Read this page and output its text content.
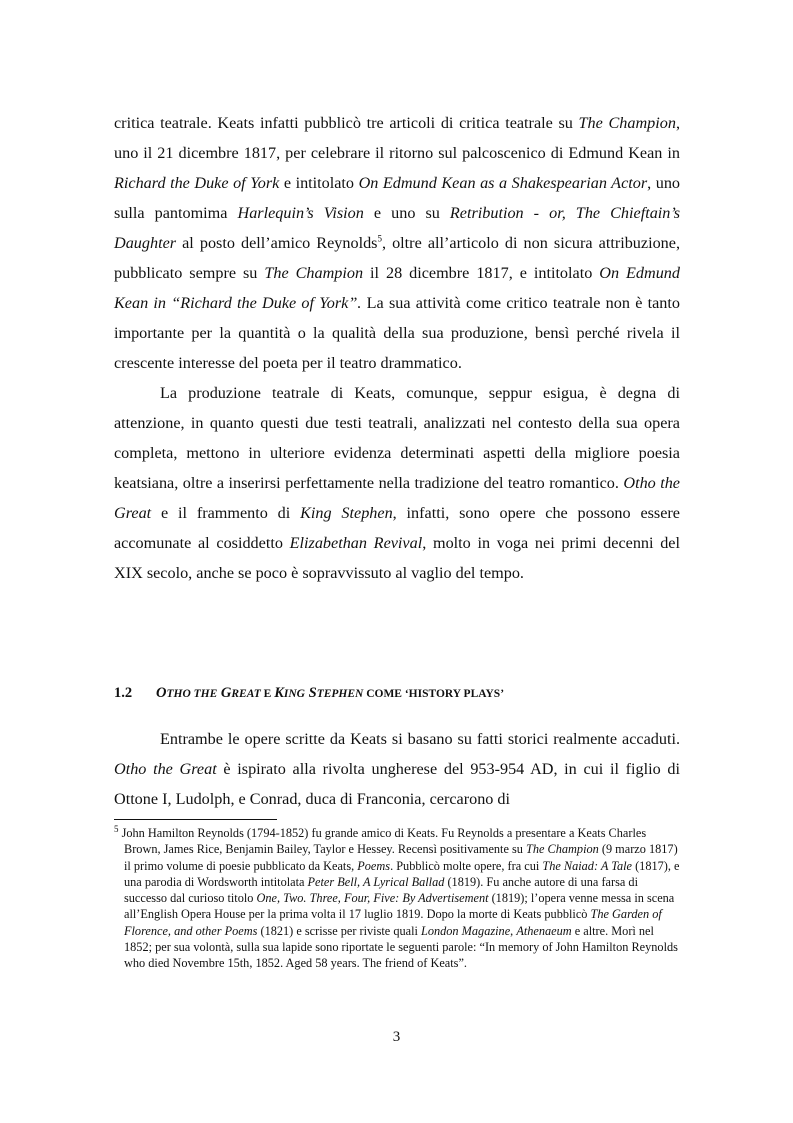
critica teatrale. Keats infatti pubblicò tre articoli di critica teatrale su The Champion, uno il 21 dicembre 1817, per celebrare il ritorno sul palcoscenico di Edmund Kean in Richard the Duke of York e intitolato On Edmund Kean as a Shakespearian Actor, uno sulla pantomima Harlequin’s Vision e uno su Retribution - or, The Chieftain’s Daughter al posto dell’amico Reynolds$^5$, oltre all’articolo di non sicura attribuzione, pubblicato sempre su The Champion il 28 dicembre 1817, e intitolato On Edmund Kean in “Richard the Duke of York”. La sua attività come critico teatrale non è tanto importante per la quantità o la qualità della sua produzione, bensì perché rivela il crescente interesse del poeta per il teatro drammatico.

La produzione teatrale di Keats, comunque, seppur esigua, è degna di attenzione, in quanto questi due testi teatrali, analizzati nel contesto della sua opera completa, mettono in ulteriore evidenza determinati aspetti della migliore poesia keatsiana, oltre a inserirsi perfettamente nella tradizione del teatro romantico. Otho the Great e il frammento di King Stephen, infatti, sono opere che possono essere accomunate al cosiddetto Elizabethan Revival, molto in voga nei primi decenni del XIX secolo, anche se poco è sopravvissuto al vaglio del tempo.

1.2 OTHO THE GREAT E KING STEPHEN COME ‘HISTORY PLAYS’

Entrambe le opere scritte da Keats si basano su fatti storici realmente accaduti. Otho the Great è ispirato alla rivolta ungherese del 953-954 AD, in cui il figlio di Ottone I, Ludolph, e Conrad, duca di Franconia, cercarono di

$^5$ John Hamilton Reynolds (1794-1852) fu grande amico di Keats. Fu Reynolds a presentare a Keats Charles Brown, James Rice, Benjamin Bailey, Taylor e Hessey. Recensì positivamente su The Champion (9 marzo 1817) il primo volume di poesie pubblicato da Keats, Poems. Pubblicò molte opere, fra cui The Naiad: A Tale (1817), e una parodia di Wordsworth intitolata Peter Bell, A Lyrical Ballad (1819). Fu anche autore di una farsa di successo dal curioso titolo One, Two. Three, Four, Five: By Advertisement (1819); l’opera venne messa in scena all’English Opera House per la prima volta il 17 luglio 1819. Dopo la morte di Keats pubblicò The Garden of Florence, and other Poems (1821) e scrisse per riviste quali London Magazine, Athenaeum e altre. Morì nel 1852; per sua volontà, sulla sua lapide sono riportate le seguenti parole: “In memory of John Hamilton Reynolds who died Novembre 15th, 1852. Aged 58 years. The friend of Keats”.

3
